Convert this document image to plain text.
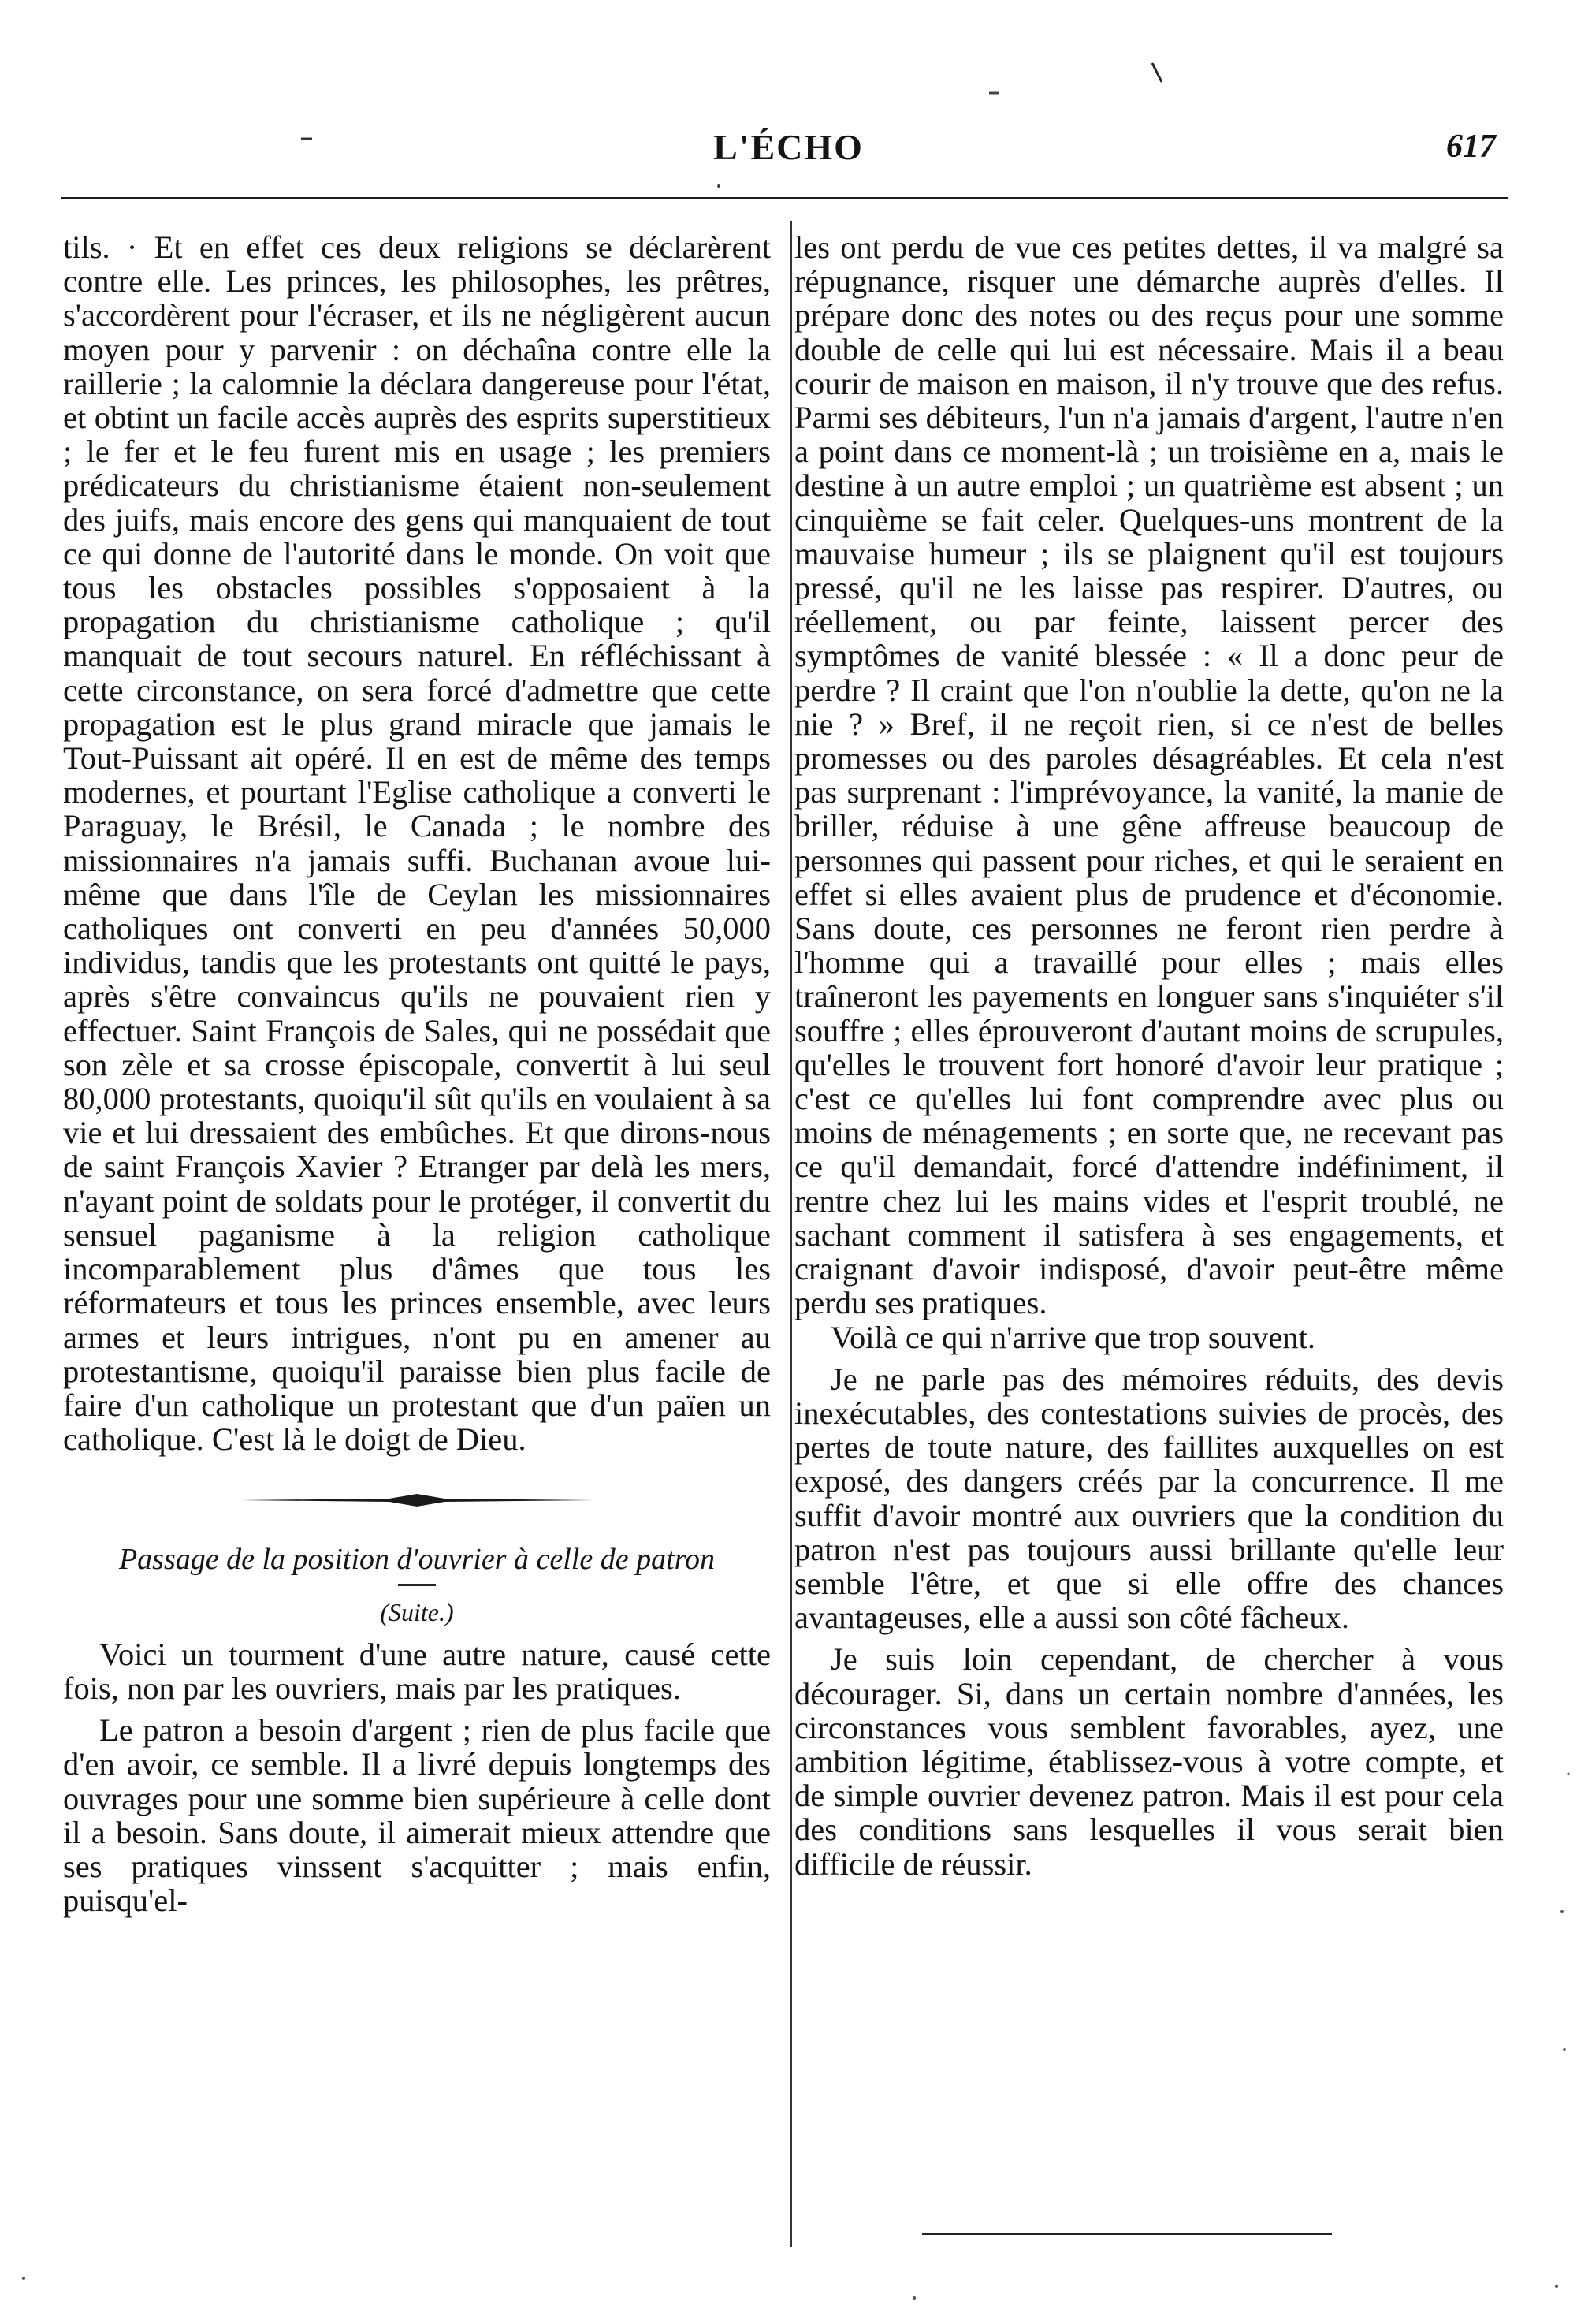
L'ÉCHO	617

tils. · Et en effet ces deux religions se déclarèrent contre elle. Les princes, les philosophes, les prêtres, s'accordèrent pour l'écraser, et ils ne négligèrent aucun moyen pour y parvenir : on déchaîna contre elle la raillerie ; la calomnie la déclara dangereuse pour l'état, et obtint un facile accès auprès des esprits superstitieux ; le fer et le feu furent mis en usage ; les premiers prédicateurs du christianisme étaient non-seulement des juifs, mais encore des gens qui manquaient de tout ce qui donne de l'autorité dans le monde. On voit que tous les obstacles possibles s'opposaient à la propagation du christianisme catholique ; qu'il manquait de tout secours naturel. En réfléchissant à cette circonstance, on sera forcé d'admettre que cette propagation est le plus grand miracle que jamais le Tout-Puissant ait opéré. Il en est de même des temps modernes, et pourtant l'Eglise catholique a converti le Paraguay, le Brésil, le Canada ; le nombre des missionnaires n'a jamais suffi. Buchanan avoue lui-même que dans l'île de Ceylan les missionnaires catholiques ont converti en peu d'années 50,000 individus, tandis que les protestants ont quitté le pays, après s'être convaincus qu'ils ne pouvaient rien y effectuer. Saint François de Sales, qui ne possédait que son zèle et sa crosse épiscopale, convertit à lui seul 80,000 protestants, quoiqu'il sût qu'ils en voulaient à sa vie et lui dressaient des embûches. Et que dirons-nous de saint François Xavier ? Etranger par delà les mers, n'ayant point de soldats pour le protéger, il convertit du sensuel paganisme à la religion catholique incomparablement plus d'âmes que tous les réformateurs et tous les princes ensemble, avec leurs armes et leurs intrigues, n'ont pu en amener au protestantisme, quoiqu'il paraisse bien plus facile de faire d'un catholique un protestant que d'un païen un catholique. C'est là le doigt de Dieu.

Passage de la position d'ouvrier à celle de patron
(Suite.)

Voici un tourment d'une autre nature, causé cette fois, non par les ouvriers, mais par les pratiques.

Le patron a besoin d'argent ; rien de plus facile que d'en avoir, ce semble. Il a livré depuis longtemps des ouvrages pour une somme bien supérieure à celle dont il a besoin. Sans doute, il aimerait mieux attendre que ses pratiques vinssent s'acquitter ; mais enfin, puisqu'el-

les ont perdu de vue ces petites dettes, il va malgré sa répugnance, risquer une démarche auprès d'elles. Il prépare donc des notes ou des reçus pour une somme double de celle qui lui est nécessaire. Mais il a beau courir de maison en maison, il n'y trouve que des refus. Parmi ses débiteurs, l'un n'a jamais d'argent, l'autre n'en a point dans ce moment-là ; un troisième en a, mais le destine à un autre emploi ; un quatrième est absent ; un cinquième se fait celer. Quelques-uns montrent de la mauvaise humeur ; ils se plaignent qu'il est toujours pressé, qu'il ne les laisse pas respirer. D'autres, ou réellement, ou par feinte, laissent percer des symptômes de vanité blessée : « Il a donc peur de perdre ? Il craint que l'on n'oublie la dette, qu'on ne la nie ? » Bref, il ne reçoit rien, si ce n'est de belles promesses ou des paroles désagréables. Et cela n'est pas surprenant : l'imprévoyance, la vanité, la manie de briller, réduise à une gêne affreuse beaucoup de personnes qui passent pour riches, et qui le seraient en effet si elles avaient plus de prudence et d'économie. Sans doute, ces personnes ne feront rien perdre à l'homme qui a travaillé pour elles ; mais elles traîneront les payements en longuer sans s'inquiéter s'il souffre ; elles éprouveront d'autant moins de scrupules, qu'elles le trouvent fort honoré d'avoir leur pratique ; c'est ce qu'elles lui font comprendre avec plus ou moins de ménagements ; en sorte que, ne recevant pas ce qu'il demandait, forcé d'attendre indéfiniment, il rentre chez lui les mains vides et l'esprit troublé, ne sachant comment il satisfera à ses engagements, et craignant d'avoir indisposé, d'avoir peut-être même perdu ses pratiques.

Voilà ce qui n'arrive que trop souvent.

Je ne parle pas des mémoires réduits, des devis inexécutables, des contestations suivies de procès, des pertes de toute nature, des faillites auxquelles on est exposé, des dangers créés par la concurrence. Il me suffit d'avoir montré aux ouvriers que la condition du patron n'est pas toujours aussi brillante qu'elle leur semble l'être, et que si elle offre des chances avantageuses, elle a aussi son côté fâcheux.

Je suis loin cependant, de chercher à vous décourager. Si, dans un certain nombre d'années, les circonstances vous semblent favorables, ayez, une ambition légitime, établissez-vous à votre compte, et de simple ouvrier devenez patron. Mais il est pour cela des conditions sans lesquelles il vous serait bien difficile de réussir.
